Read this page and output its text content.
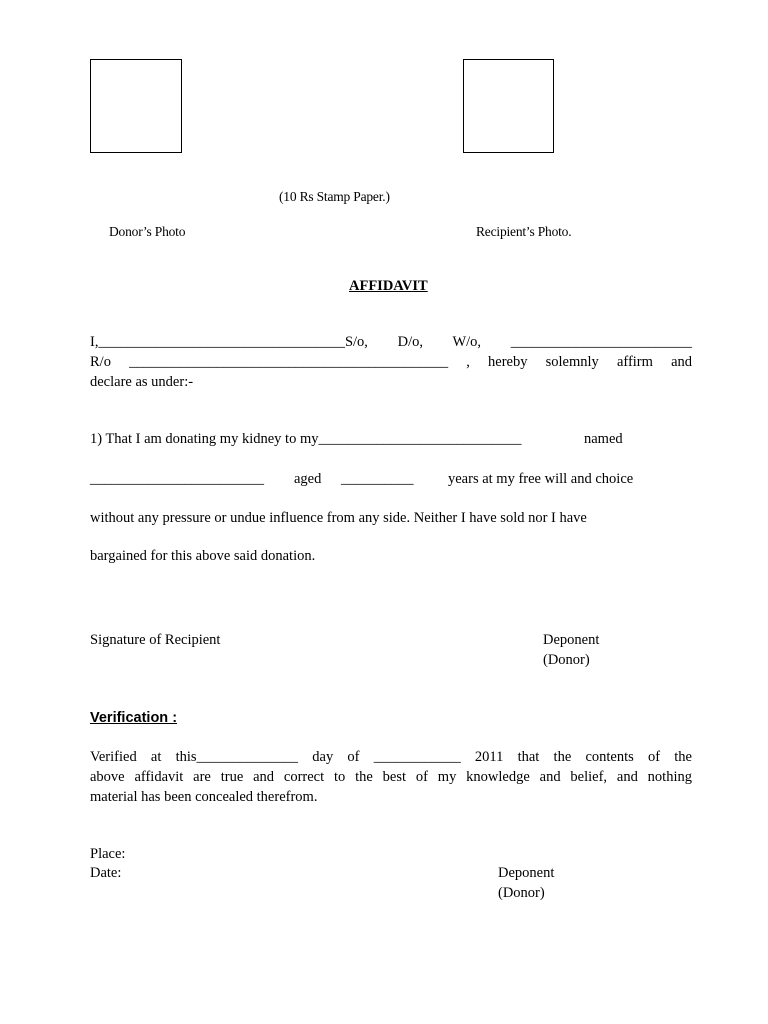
(10 Rs Stamp Paper.)
Donor’s Photo	Recipient’s Photo.
AFFIDAVIT
I,__________________________________S/o, D/o, W/o, _________________________
R/o ____________________________________________ , hereby solemnly affirm and
declare as under:-
1) That I am donating my kidney to my____________________________	named
________________________ aged __________ years at my free will and choice
without any pressure or undue influence from any side. Neither I have sold nor I have
bargained for this above said donation.
Signature of Recipient	Deponent
(Donor)
Verification :
Verified at this______________ day of ____________ 2011 that the contents of the
above affidavit are true and correct to the best of my knowledge and belief, and nothing
material has been concealed therefrom.
Place:
Date:	Deponent
(Donor)
